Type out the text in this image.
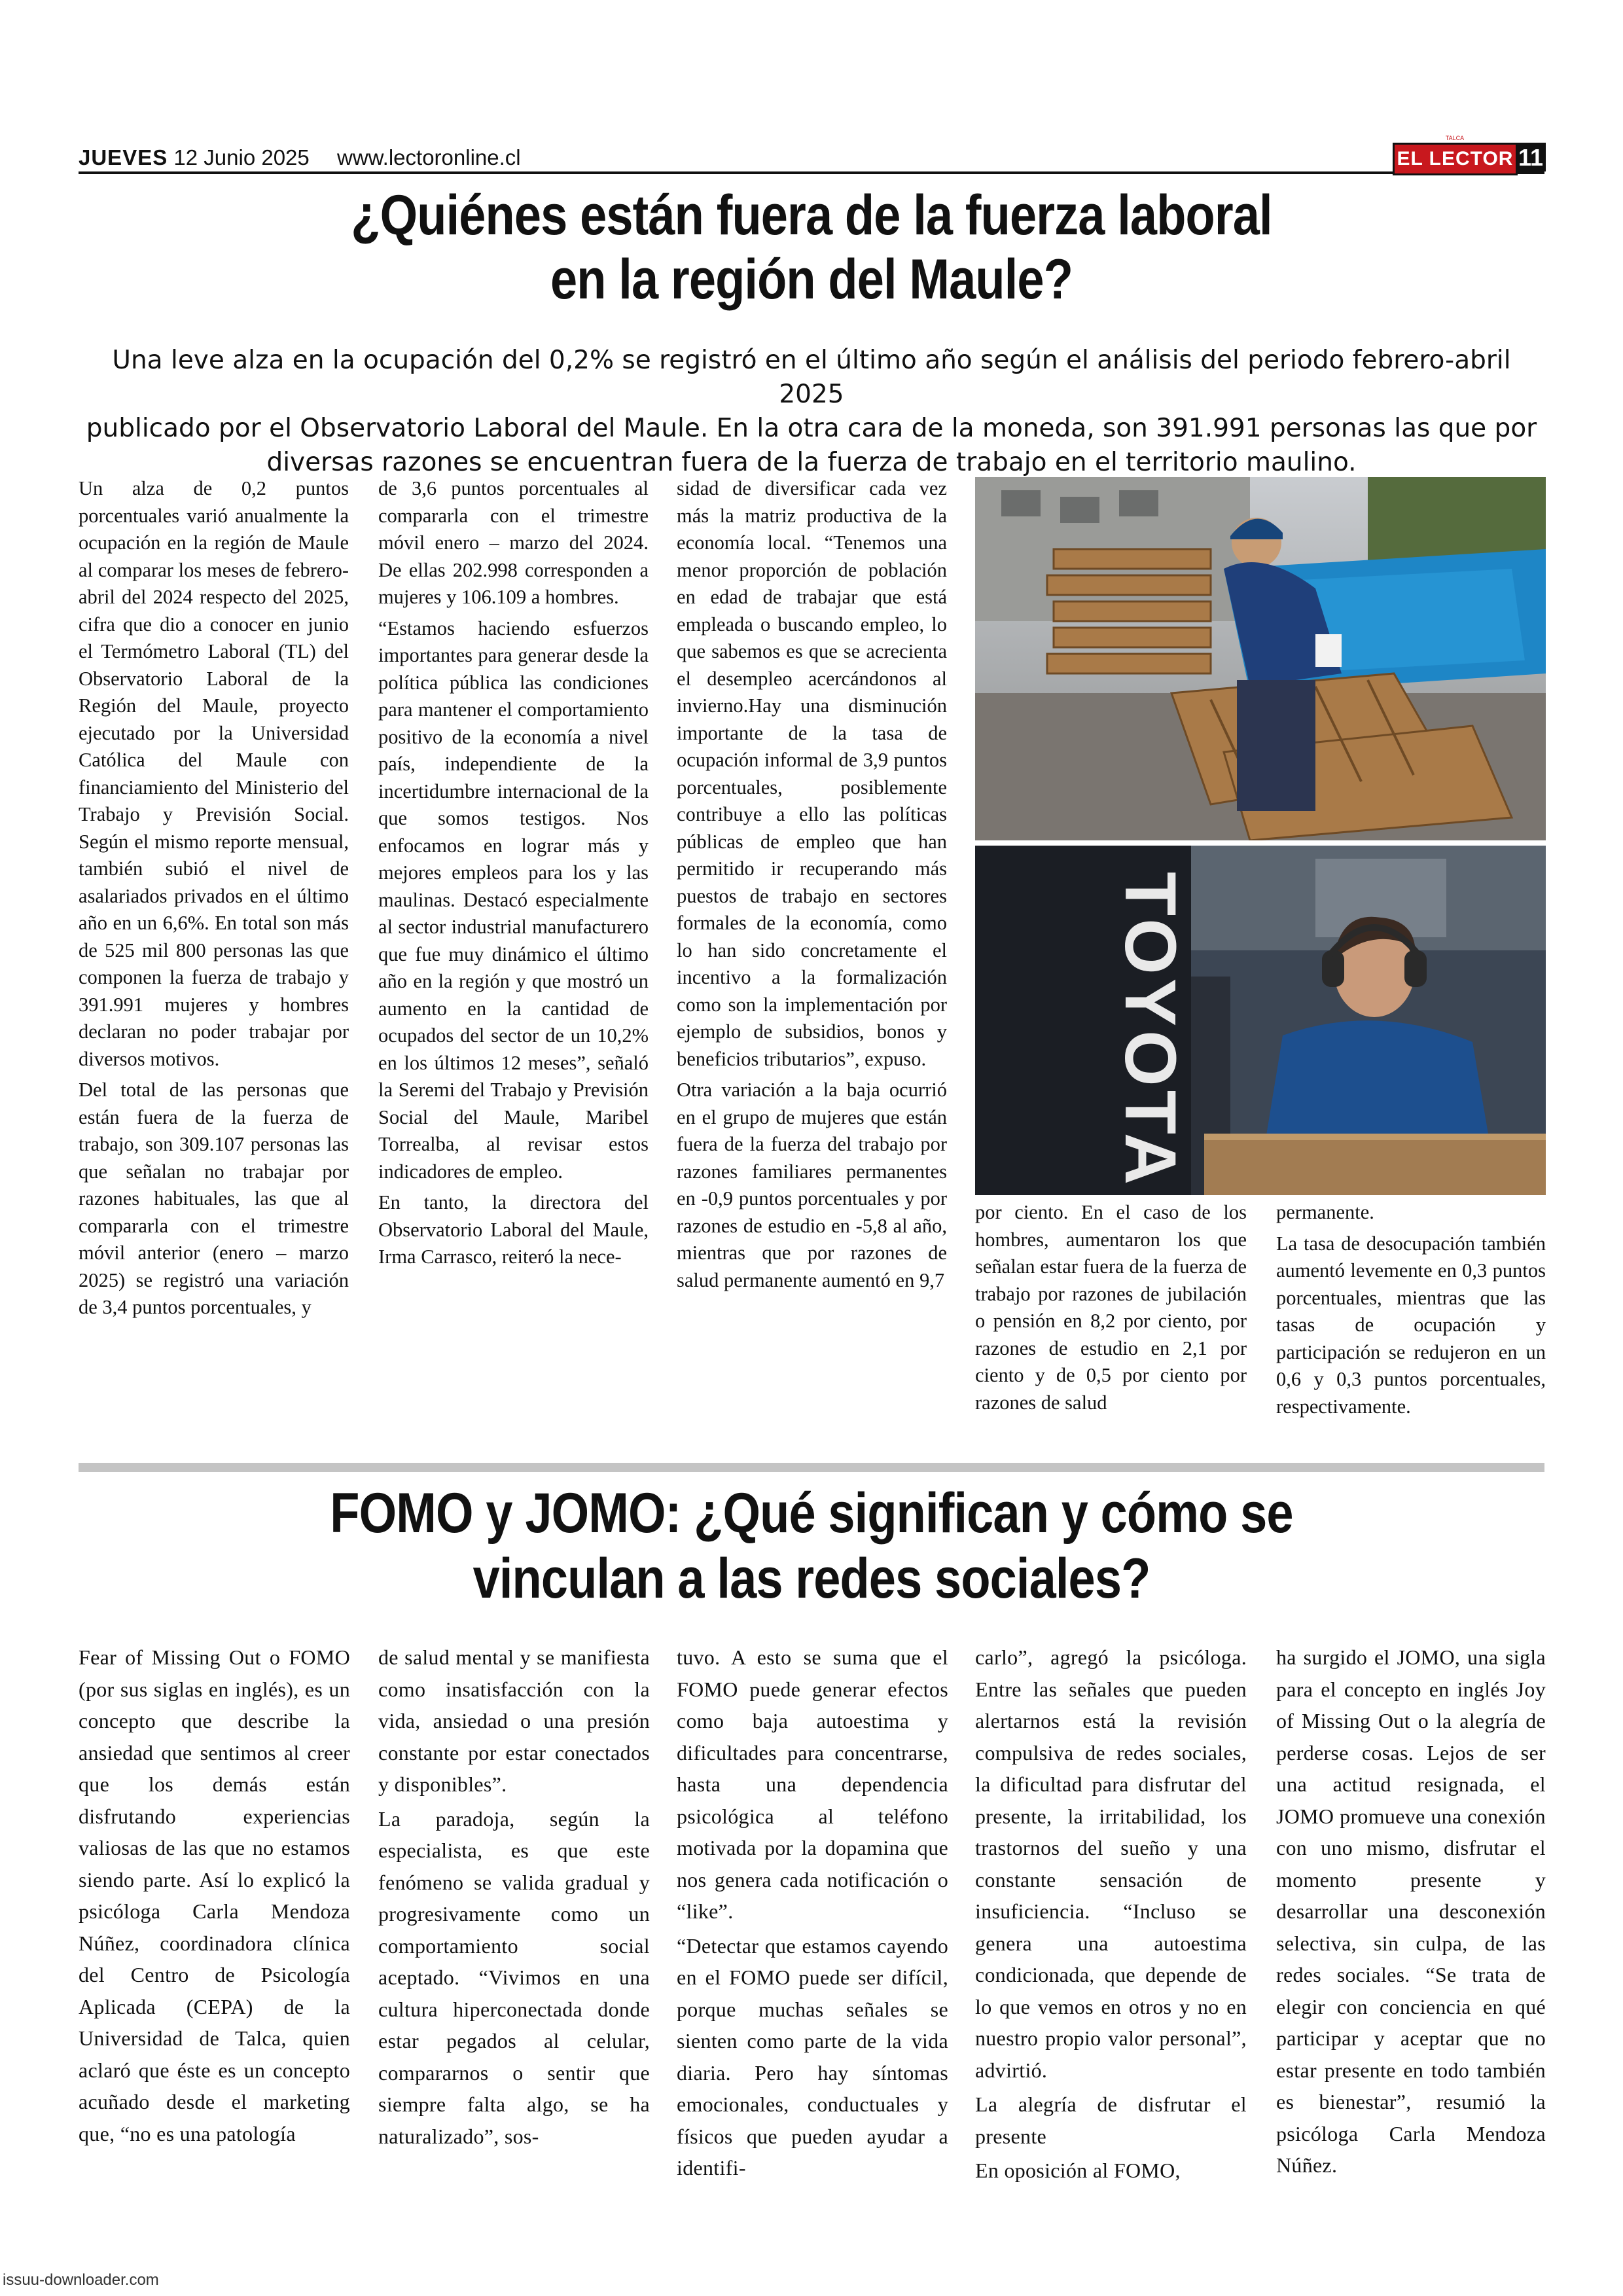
JUEVES 12 Junio 2025 www.lectoronline.cl
TALCA
EL LECTOR 11
¿Quiénes están fuera de la fuerza laboral
en la región del Maule?
Una leve alza en la ocupación del 0,2% se registró en el último año según el análisis del periodo febrero-abril 2025
publicado por el Observatorio Laboral del Maule. En la otra cara de la moneda, son 391.991 personas las que por
diversas razones se encuentran fuera de la fuerza de trabajo en el territorio maulino.

Un alza de 0,2 puntos porcentuales varió anualmente la ocupación en la región de Maule al comparar los meses de febrero-abril del 2024 respecto del 2025, cifra que dio a conocer en junio el Termómetro Laboral (TL) del Observatorio Laboral de la Región del Maule, proyecto ejecutado por la Universidad Católica del Maule con financiamiento del Ministerio del Trabajo y Previsión Social. Según el mismo reporte mensual, también subió el nivel de asalariados privados en el último año en un 6,6%. En total son más de 525 mil 800 personas las que componen la fuerza de trabajo y 391.991 mujeres y hombres declaran no poder trabajar por diversos motivos.

Del total de las personas que están fuera de la fuerza de trabajo, son 309.107 personas las que señalan no trabajar por razones habituales, las que al compararla con el trimestre móvil anterior (enero – marzo 2025) se registró una variación de 3,4 puntos porcentuales, y

de 3,6 puntos porcentuales al compararla con el trimestre móvil enero – marzo del 2024. De ellas 202.998 corresponden a mujeres y 106.109 a hombres.

“Estamos haciendo esfuerzos importantes para generar desde la política pública las condiciones para mantener el comportamiento positivo de la economía a nivel país, independiente de la incertidumbre internacional de la que somos testigos. Nos enfocamos en lograr más y mejores empleos para los y las maulinas. Destacó especialmente al sector industrial manufacturero que fue muy dinámico el último año en la región y que mostró un aumento en la cantidad de ocupados del sector de un 10,2% en los últimos 12 meses”, señaló la Seremi del Trabajo y Previsión Social del Maule, Maribel Torrealba, al revisar estos indicadores de empleo.

En tanto, la directora del Observatorio Laboral del Maule, Irma Carrasco, reiteró la nece-

sidad de diversificar cada vez más la matriz productiva de la economía local. “Tenemos una menor proporción de población en edad de trabajar que está empleada o buscando empleo, lo que sabemos es que se acrecienta el desempleo acercándonos al invierno.Hay una disminución importante de la tasa de ocupación informal de 3,9 puntos porcentuales, posiblemente contribuye a ello las políticas públicas de empleo que han permitido ir recuperando más puestos de trabajo en sectores formales de la economía, como lo han sido concretamente el incentivo a la formalización como son la implementación por ejemplo de subsidios, bonos y beneficios tributarios”, expuso.

Otra variación a la baja ocurrió en el grupo de mujeres que están fuera de la fuerza del trabajo por razones familiares permanentes en -0,9 puntos porcentuales y por razones de estudio en -5,8 al año, mientras que por razones de salud permanente aumentó en 9,7

TOYOTA

por ciento. En el caso de los hombres, aumentaron los que señalan estar fuera de la fuerza de trabajo por razones de jubilación o pensión en 8,2 por ciento, por razones de estudio en 2,1 por ciento y de 0,5 por ciento por razones de salud

permanente.

La tasa de desocupación también aumentó levemente en 0,3 puntos porcentuales, mientras que las tasas de ocupación y participación se redujeron en un 0,6 y 0,3 puntos porcentuales, respectivamente.

FOMO y JOMO: ¿Qué significan y cómo se
vinculan a las redes sociales?

Fear of Missing Out o FOMO (por sus siglas en inglés), es un concepto que describe la ansiedad que sentimos al creer que los demás están disfrutando experiencias valiosas de las que no estamos siendo parte. Así lo explicó la psicóloga Carla Mendoza Núñez, coordinadora clínica del Centro de Psicología Aplicada (CEPA) de la Universidad de Talca, quien aclaró que éste es un concepto acuñado desde el marketing que, “no es una patología

de salud mental y se manifiesta como insatisfacción con la vida, ansiedad o una presión constante por estar conectados y disponibles”.

La paradoja, según la especialista, es que este fenómeno se valida gradual y progresivamente como un comportamiento social aceptado. “Vivimos en una cultura hiperconectada donde estar pegados al celular, compararnos o sentir que siempre falta algo, se ha naturalizado”, sos-

tuvo. A esto se suma que el FOMO puede generar efectos como baja autoestima y dificultades para concentrarse, hasta una dependencia psicológica al teléfono motivada por la dopamina que nos genera cada notificación o “like”.

“Detectar que estamos cayendo en el FOMO puede ser difícil, porque muchas señales se sienten como parte de la vida diaria. Pero hay síntomas emocionales, conductuales y físicos que pueden ayudar a identifi-

carlo”, agregó la psicóloga. Entre las señales que pueden alertarnos está la revisión compulsiva de redes sociales, la dificultad para disfrutar del presente, la irritabilidad, los trastornos del sueño y una constante sensación de insuficiencia. “Incluso se genera una autoestima condicionada, que depende de lo que vemos en otros y no en nuestro propio valor personal”, advirtió.

La alegría de disfrutar el presente

En oposición al FOMO,

ha surgido el JOMO, una sigla para el concepto en inglés Joy of Missing Out o la alegría de perderse cosas. Lejos de ser una actitud resignada, el JOMO promueve una conexión con uno mismo, disfrutar el momento presente y desarrollar una desconexión selectiva, sin culpa, de las redes sociales. “Se trata de elegir con conciencia en qué participar y aceptar que no estar presente en todo también es bienestar”, resumió la psicóloga Carla Mendoza Núñez.

issuu-downloader.com
